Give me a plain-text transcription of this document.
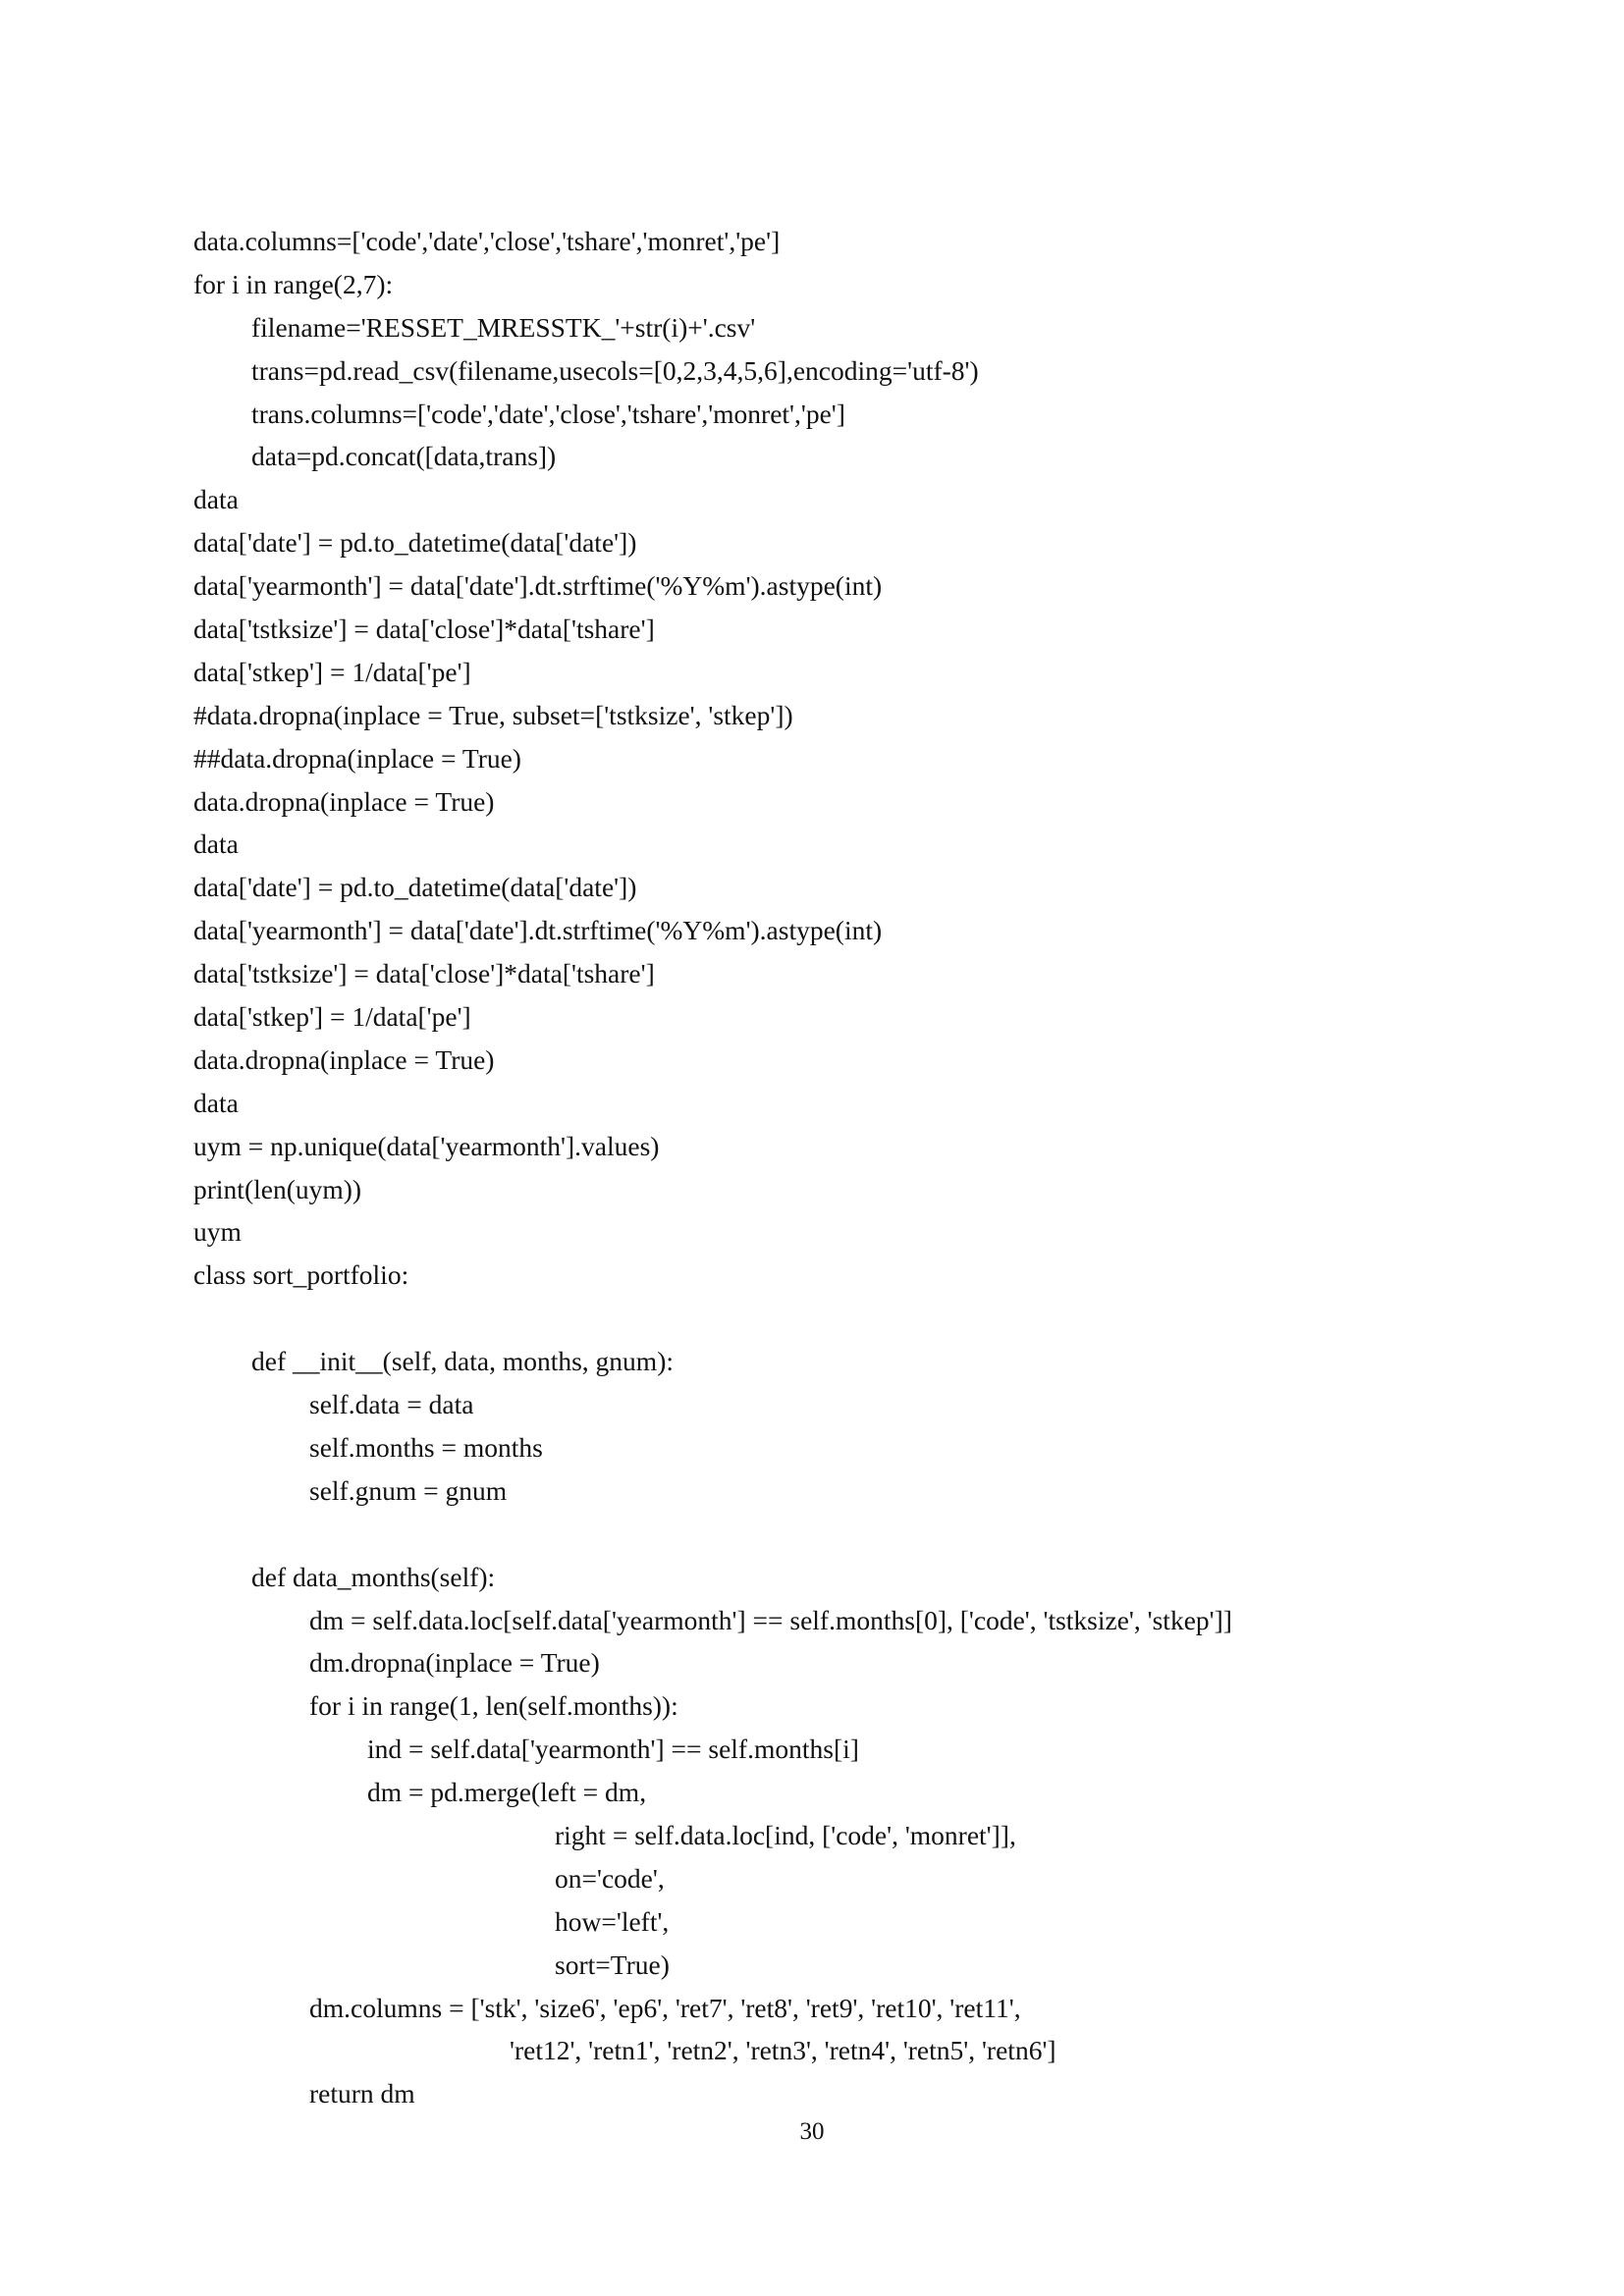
data.columns=['code','date','close','tshare','monret','pe']
for i in range(2,7):
filename='RESSET_MRESSTK_'+str(i)+'.csv'
trans=pd.read_csv(filename,usecols=[0,2,3,4,5,6],encoding='utf-8')
trans.columns=['code','date','close','tshare','monret','pe']
data=pd.concat([data,trans])
data
data['date'] = pd.to_datetime(data['date'])
data['yearmonth'] = data['date'].dt.strftime('%Y%m').astype(int)
data['tstksize'] = data['close']*data['tshare']
data['stkep'] = 1/data['pe']
#data.dropna(inplace = True, subset=['tstksize', 'stkep'])
##data.dropna(inplace = True)
data.dropna(inplace = True)
data
data['date'] = pd.to_datetime(data['date'])
data['yearmonth'] = data['date'].dt.strftime('%Y%m').astype(int)
data['tstksize'] = data['close']*data['tshare']
data['stkep'] = 1/data['pe']
data.dropna(inplace = True)
data
uym = np.unique(data['yearmonth'].values)
print(len(uym))
uym
class sort_portfolio:
def __init__(self, data, months, gnum):
self.data = data
self.months = months
self.gnum = gnum
def data_months(self):
dm = self.data.loc[self.data['yearmonth'] == self.months[0], ['code', 'tstksize', 'stkep']]
dm.dropna(inplace = True)
for i in range(1, len(self.months)):
ind = self.data['yearmonth'] == self.months[i]
dm = pd.merge(left = dm,
right = self.data.loc[ind, ['code', 'monret']],
on='code',
how='left',
sort=True)
dm.columns = ['stk', 'size6', 'ep6', 'ret7', 'ret8', 'ret9', 'ret10', 'ret11',
'ret12', 'retn1', 'retn2', 'retn3', 'retn4', 'retn5', 'retn6']
return dm
30
